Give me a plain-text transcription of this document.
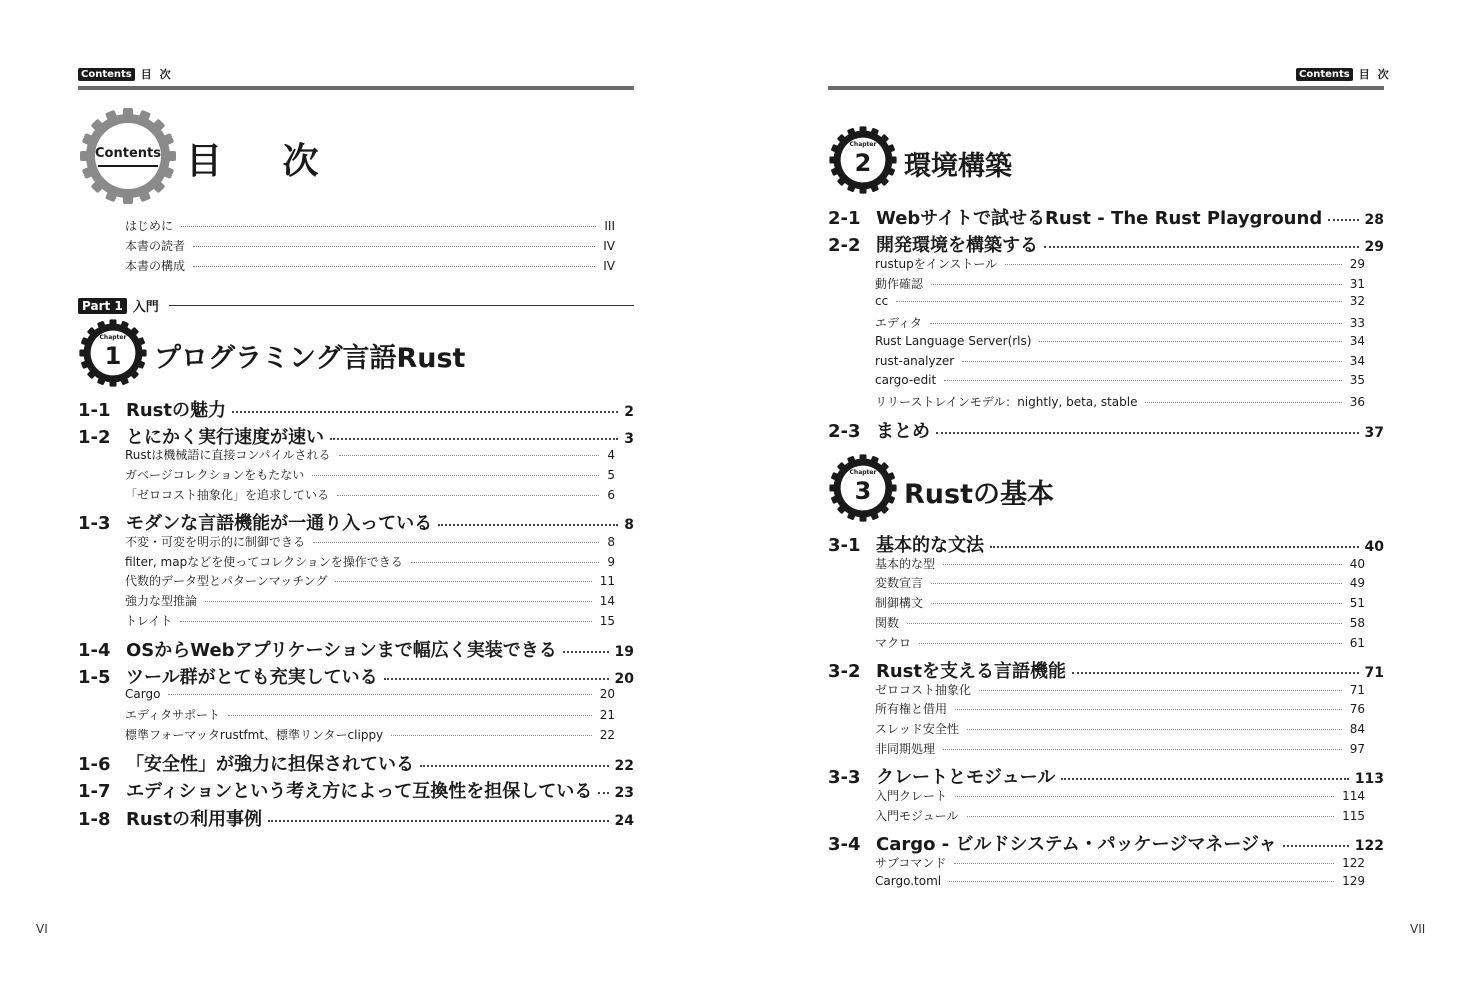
Contents 目次
Contents 目 次
はじめに	III
本書の読者	IV
本書の構成	IV
Part 1 入門
Chapter
1	プログラミング言語Rust
1-1 Rustの魅力	2
1-2 とにかく実行速度が速い	3
Rustは機械語に直接コンパイルされる	4
ガベージコレクションをもたない	5
「ゼロコスト抽象化」を追求している	6
1-3 モダンな言語機能が一通り入っている	8
不変・可変を明示的に制御できる	8
filter, mapなどを使ってコレクションを操作できる	9
代数的データ型とパターンマッチング	11
強力な型推論	14
トレイト	15
1-4 OSからWebアプリケーションまで幅広く実装できる	19
1-5 ツール群がとても充実している	20
Cargo	20
エディタサポート	21
標準フォーマッタrustfmt、標準リンターclippy	22
1-6 「安全性」が強力に担保されている	22
1-7 エディションという考え方によって互換性を担保している 23
1-8 Rustの利用事例	24
VI
Contents 目次
Chapter
2	環境構築
2-1 Webサイトで試せるRust - The Rust Playground	28
2-2 開発環境を構築する	29
rustupをインストール	29
動作確認	31
cc	32
エディタ	33
Rust Language Server(rls)	34
rust-analyzer	34
cargo-edit	35
リリーストレインモデル：nightly, beta, stable	36
2-3 まとめ	37
Chapter
3	Rustの基本
3-1 基本的な文法	40
基本的な型	40
変数宣言	49
制御構文	51
関数	58
マクロ	61
3-2 Rustを支える言語機能	71
ゼロコスト抽象化	71
所有権と借用	76
スレッド安全性	84
非同期処理	97
3-3 クレートとモジュール	113
入門クレート	114
入門モジュール	115
3-4 Cargo - ビルドシステム・パッケージマネージャ	122
サブコマンド	122
Cargo.toml	129
VII
